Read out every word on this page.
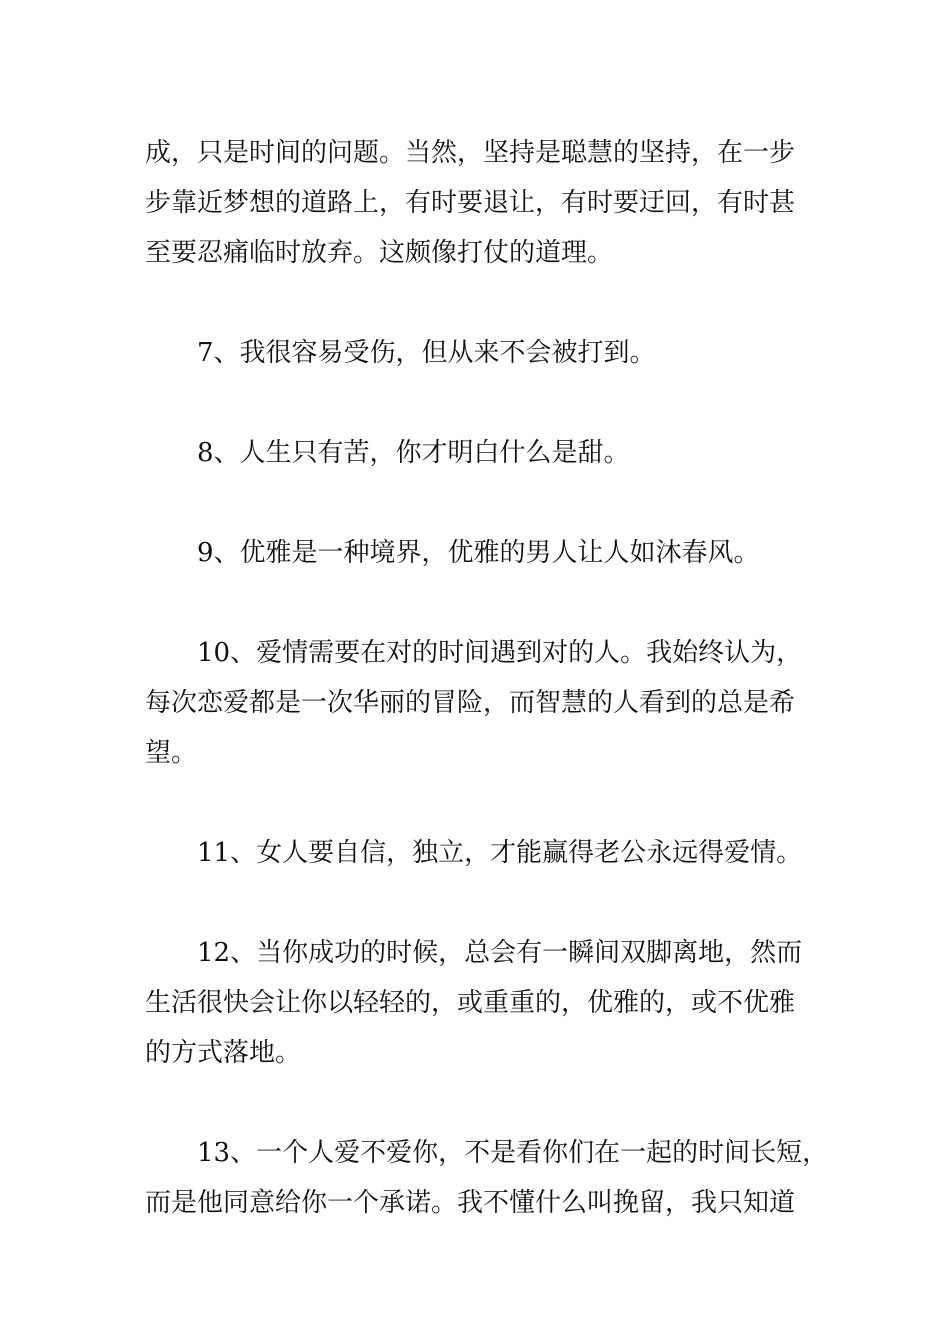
成，只是时间的问题。当然，坚持是聪慧的坚持，在一步
步靠近梦想的道路上，有时要退让，有时要迂回，有时甚
至要忍痛临时放弃。这颇像打仗的道理。
7、我很容易受伤，但从来不会被打到。
8、人生只有苦，你才明白什么是甜。
9、优雅是一种境界，优雅的男人让人如沐春风。
10、爱情需要在对的时间遇到对的人。我始终认为，
每次恋爱都是一次华丽的冒险，而智慧的人看到的总是希
望。
11、女人要自信，独立，才能赢得老公永远得爱情。
12、当你成功的时候，总会有一瞬间双脚离地，然而
生活很快会让你以轻轻的，或重重的，优雅的，或不优雅
的方式落地。
13、一个人爱不爱你，不是看你们在一起的时间长短，
而是他同意给你一个承诺。我不懂什么叫挽留，我只知道
